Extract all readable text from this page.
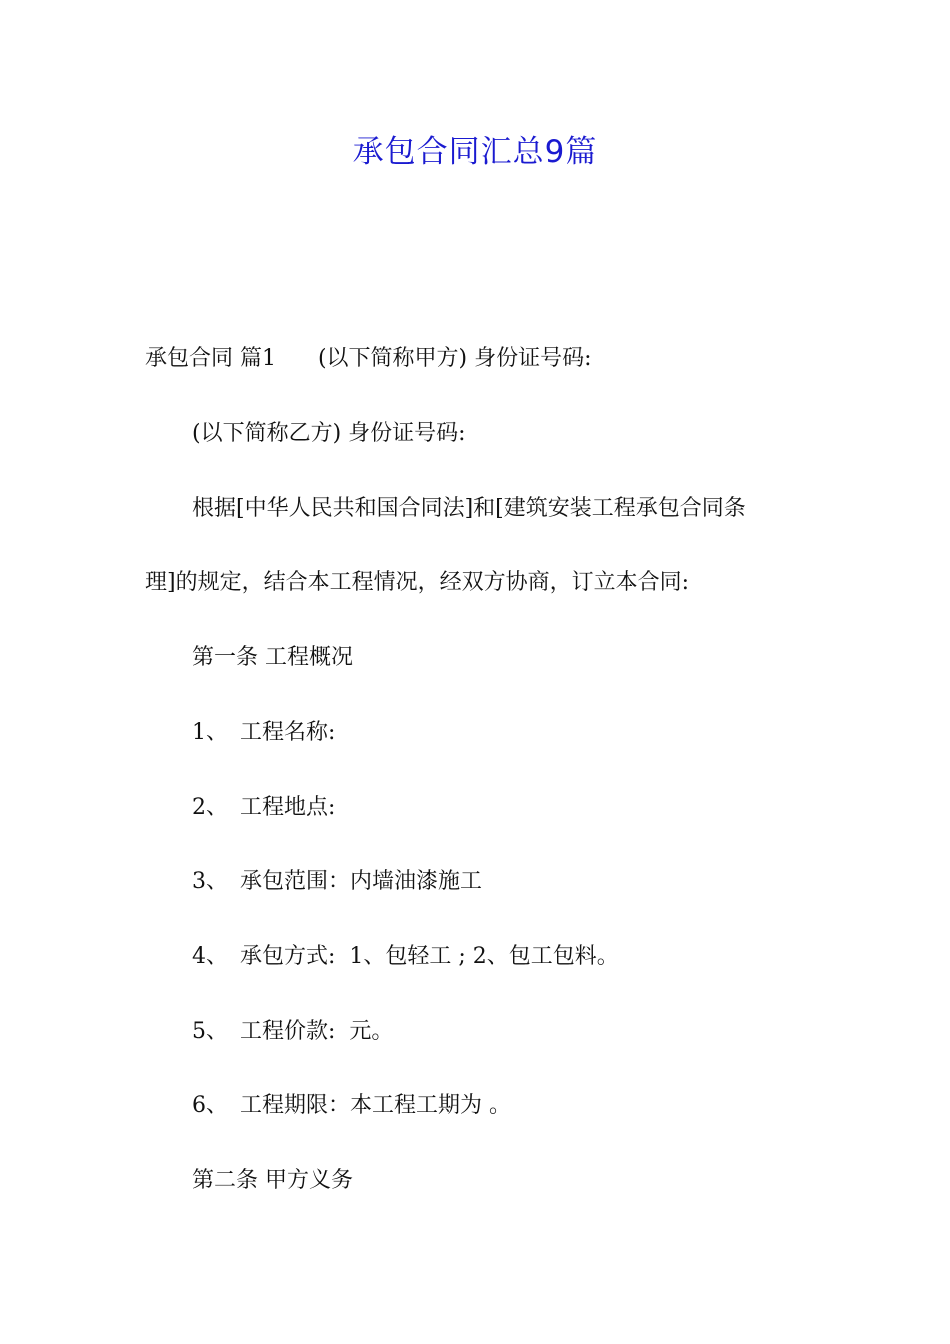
承包合同汇总9篇
承包合同 篇1      (以下简称甲方) 身份证号码:
(以下简称乙方) 身份证号码:
根据[中华人民共和国合同法]和[建筑安装工程承包合同条
理]的规定，结合本工程情况，经双方协商，订立本合同:
第一条 工程概况
1、 工程名称:
2、 工程地点:
3、 承包范围：内墙油漆施工
4、 承包方式:  1、包轻工 ; 2、包工包料。
5、 工程价款:  元。
6、 工程期限：本工程工期为 。
第二条 甲方义务
